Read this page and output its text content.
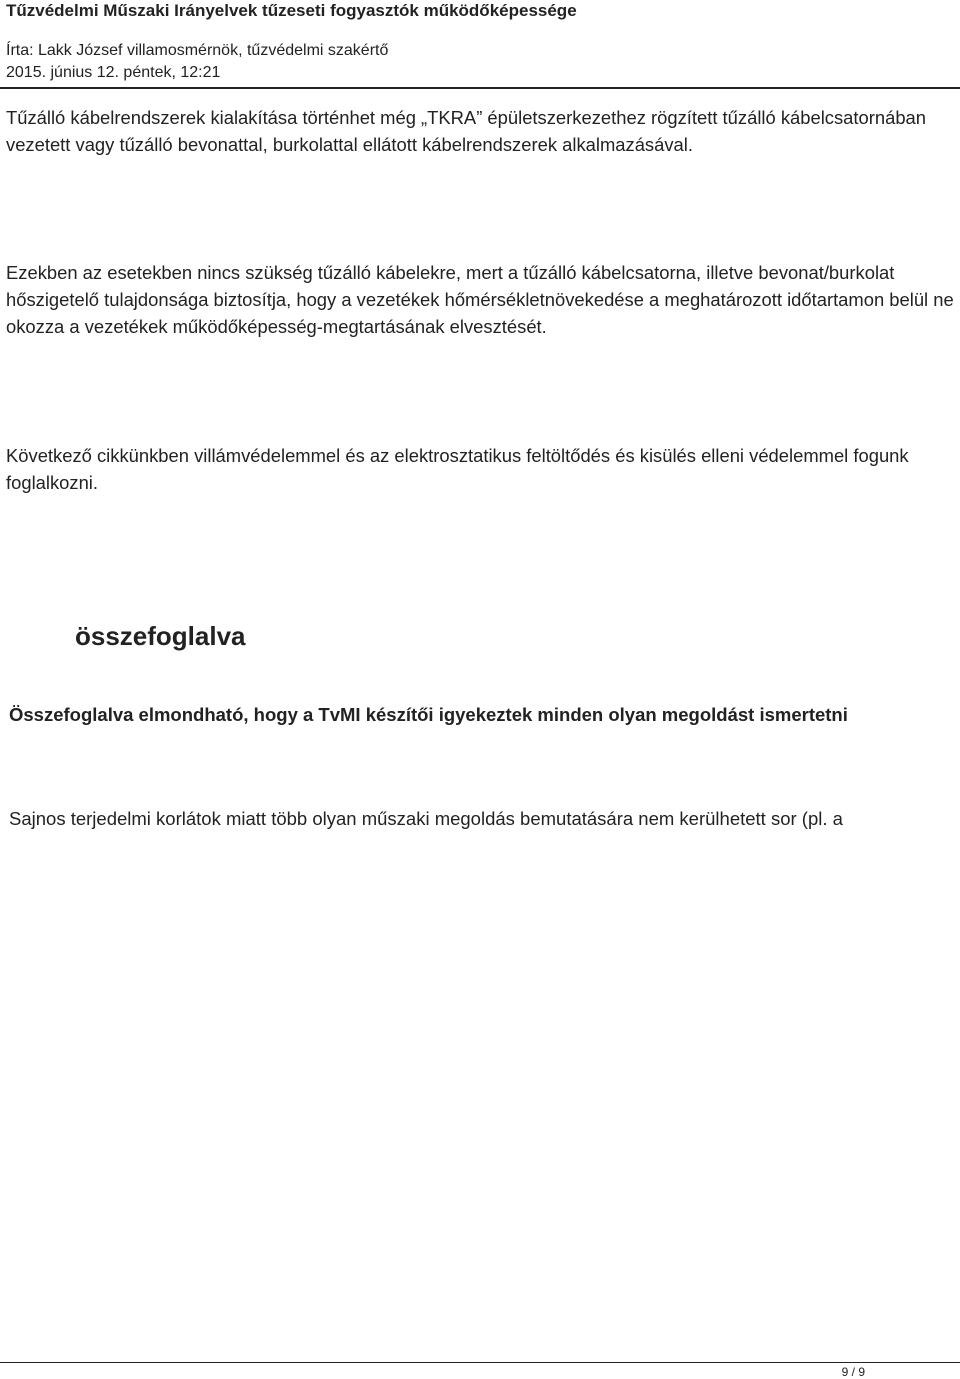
Tűzvédelmi Műszaki Irányelvek tűzeseti fogyasztók működőképessége
Írta: Lakk József villamosmérnök, tűzvédelmi szakértő
2015. június 12. péntek, 12:21
Tűzálló kábelrendszerek kialakítása történhet még „TKRA” épületszerkezethez rögzített tűzálló kábelcsatornában vezetett vagy tűzálló bevonattal, burkolattal ellátott kábelrendszerek alkalmazásával.
Ezekben az esetekben nincs szükség tűzálló kábelekre, mert a tűzálló kábelcsatorna, illetve bevonat/burkolat hőszigetelő tulajdonsága biztosítja, hogy a vezetékek hőmérsékletnövekedése a meghatározott időtartamon belül ne okozza a vezetékek működőképesség-megtartásának elvesztését.
Következő cikkünkben villámvédelemmel és az elektrosztatikus feltöltődés és kisülés elleni védelemmel fogunk foglalkozni.
összefoglalva
Összefoglalva elmondható, hogy a TvMI készítői igyekeztek minden olyan megoldást ismertetni
Sajnos terjedelmi korlátok miatt több olyan műszaki megoldás bemutatására nem kerülhetett sor (pl. a
9 / 9
